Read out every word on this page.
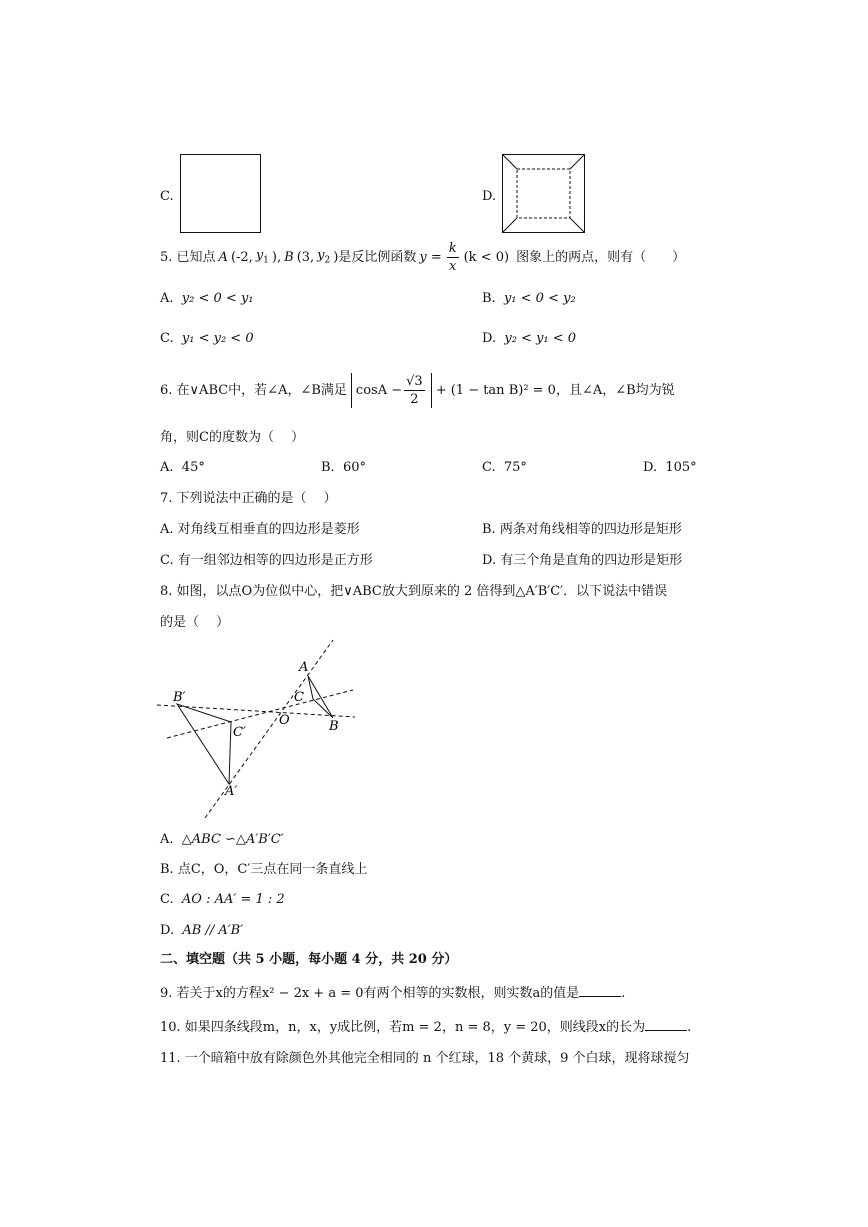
C.	D.
5. 已知点 A (-2, $y_1$ ), B (3, $y_2$ )是反比例函数 $y = \frac{k}{x} (k < 0)$ 图象上的两点，则有（　　）
A. y₂ < 0 < y₁	B. y₁ < 0 < y₂
C. y₁ < y₂ < 0	D. y₂ < y₁ < 0
6. 在∨ABC中，若∠A，∠B满足 $\cos A - \frac{√3}{2} + (1 - \tan B)^2 = 0$，且∠A，∠B均为锐
角，则C的度数为（　 ）
A. 45°	B. 60°	C. 75°	D. 105°
7. 下列说法中正确的是（　 ）
A. 对角线互相垂直的四边形是菱形	B. 两条对角线相等的四边形是矩形
C. 有一组邻边相等的四边形是正方形	D. 有三个角是直角的四边形是矩形
8. 如图，以点O为位似中心，把∨ABC放大到原来的 2 倍得到△A′B′C′．以下说法中错误
的是（　 ）
A
B
C
O
A′
B′
C′
A. △ABC ∽△A′B′C′
B. 点C，O，C′三点在同一条直线上
C. AO : AA′ = 1 : 2
D. AB // A′B′
二、填空题（共 5 小题，每小题 4 分，共 20 分）
9. 若关于x的方程x² − 2x + a = 0有两个相等的实数根，则实数a的值是	.
10. 如果四条线段m，n，x，y成比例，若m = 2，n = 8，y = 20，则线段x的长为	.
11. 一个暗箱中放有除颜色外其他完全相同的 n 个红球，18 个黄球，9 个白球，现将球搅匀
